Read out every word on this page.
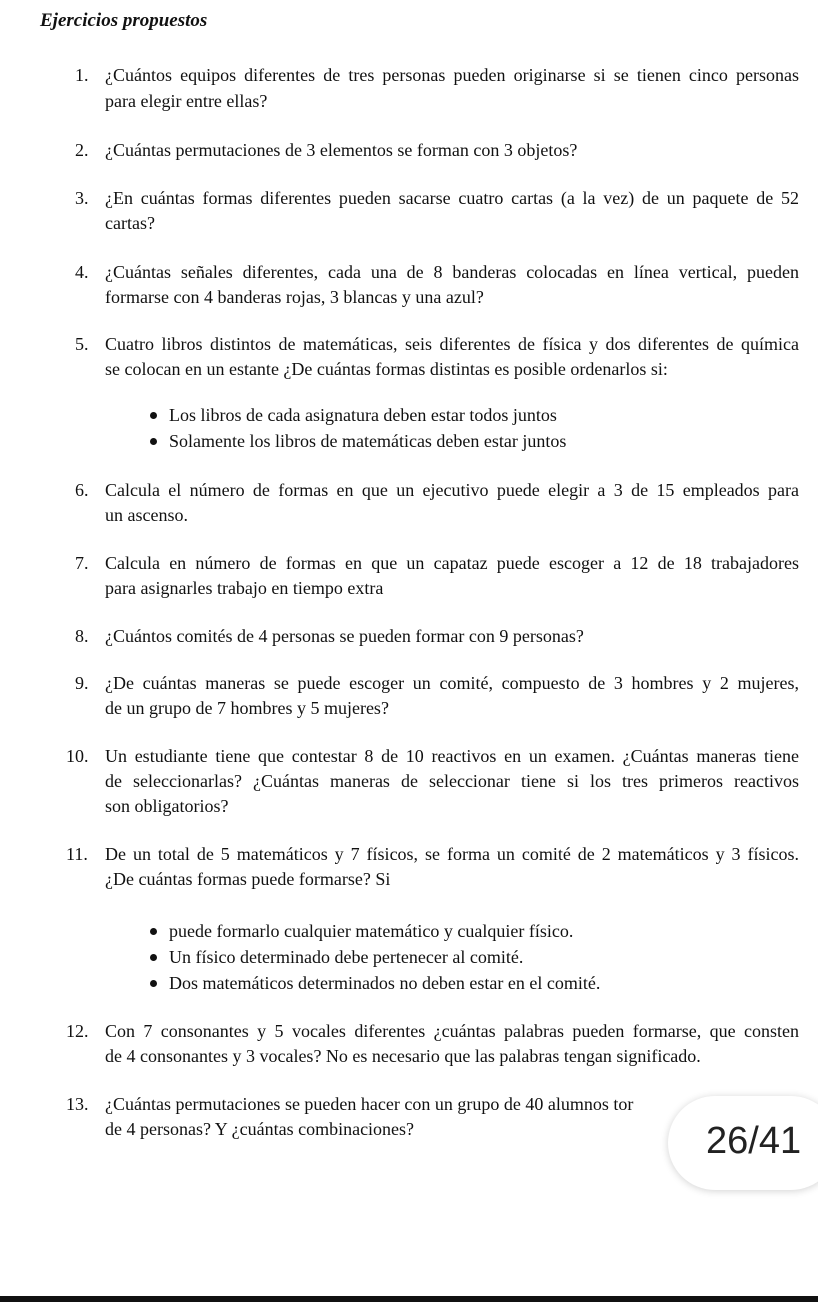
Ejercicios propuestos
1. ¿Cuántos equipos diferentes de tres personas pueden originarse si se tienen cinco personas
para elegir entre ellas?
2. ¿Cuántas permutaciones de 3 elementos se forman con 3 objetos?
3. ¿En cuántas formas diferentes pueden sacarse cuatro cartas (a la vez) de un paquete de 52
cartas?
4. ¿Cuántas señales diferentes, cada una de 8 banderas colocadas en línea vertical, pueden
formarse con 4 banderas rojas, 3 blancas y una azul?
5. Cuatro libros distintos de matemáticas, seis diferentes de física y dos diferentes de química
se colocan en un estante ¿De cuántas formas distintas es posible ordenarlos si:
Los libros de cada asignatura deben estar todos juntos
Solamente los libros de matemáticas deben estar juntos
6. Calcula el número de formas en que un ejecutivo puede elegir a 3 de 15 empleados para
un ascenso.
7. Calcula en número de formas en que un capataz puede escoger a 12 de 18 trabajadores
para asignarles trabajo en tiempo extra
8. ¿Cuántos comités de 4 personas se pueden formar con 9 personas?
9. ¿De cuántas maneras se puede escoger un comité, compuesto de 3 hombres y 2 mujeres,
de un grupo de 7 hombres y 5 mujeres?
10. Un estudiante tiene que contestar 8 de 10 reactivos en un examen. ¿Cuántas maneras tiene
de seleccionarlas? ¿Cuántas maneras de seleccionar tiene si los tres primeros reactivos
son obligatorios?
11. De un total de 5 matemáticos y 7 físicos, se forma un comité de 2 matemáticos y 3 físicos.
¿De cuántas formas puede formarse? Si
puede formarlo cualquier matemático y cualquier físico.
Un físico determinado debe pertenecer al comité.
Dos matemáticos determinados no deben estar en el comité.
12. Con 7 consonantes y 5 vocales diferentes ¿cuántas palabras pueden formarse, que consten
de 4 consonantes y 3 vocales? No es necesario que las palabras tengan significado.
13. ¿Cuántas permutaciones se pueden hacer con un grupo de 40 alumnos tor
de 4 personas? Y ¿cuántas combinaciones?	26/41
